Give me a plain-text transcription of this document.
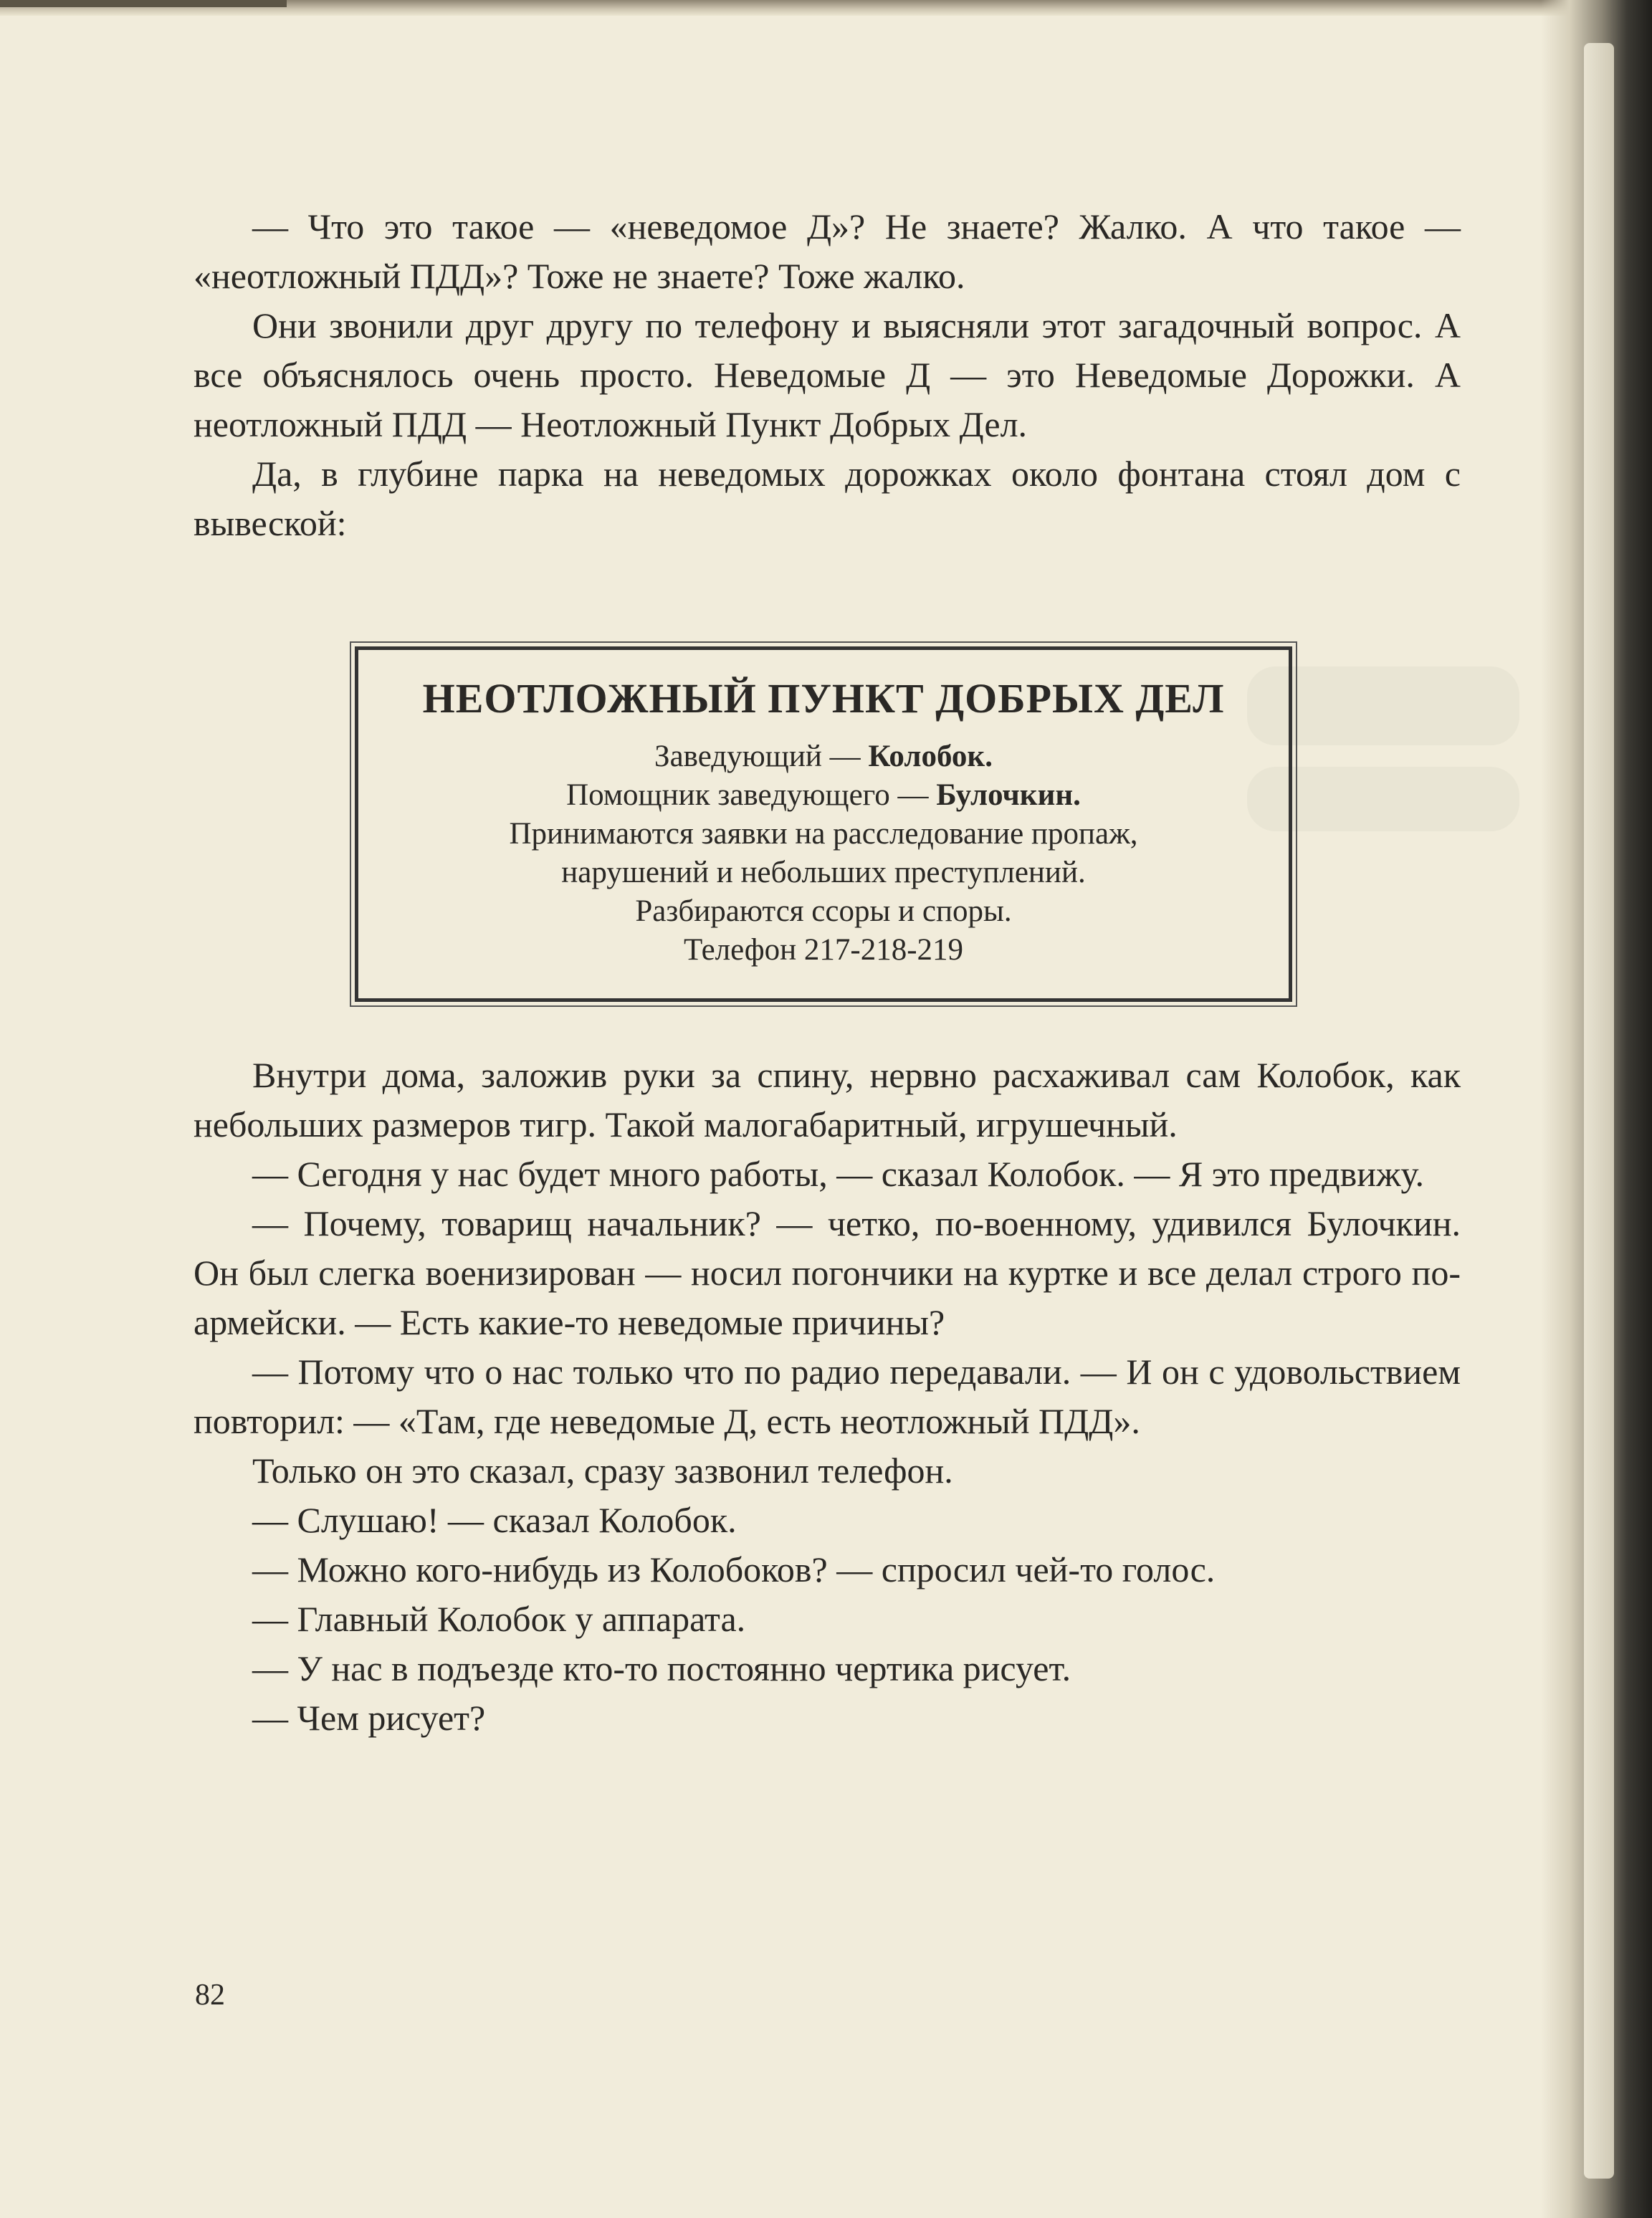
— Что это такое — «неведомое Д»? Не знаете? Жалко. А что такое — «неотложный ПДД»? Тоже не знаете? Тоже жалко.

Они звонили друг другу по телефону и выясняли этот загадочный вопрос. А все объяснялось очень просто. Неведомые Д — это Неведомые Дорожки. А неотложный ПДД — Неотложный Пункт Добрых Дел.

Да, в глубине парка на неведомых дорожках около фонтана стоял дом с вывеской:

НЕОТЛОЖНЫЙ ПУНКТ ДОБРЫХ ДЕЛ
Заведующий — Колобок.
Помощник заведующего — Булочкин.
Принимаются заявки на расследование пропаж,
нарушений и небольших преступлений.
Разбираются ссоры и споры.
Телефон 217-218-219

Внутри дома, заложив руки за спину, нервно расхаживал сам Колобок, как небольших размеров тигр. Такой малогабаритный, игрушечный.

— Сегодня у нас будет много работы, — сказал Колобок. — Я это предвижу.

— Почему, товарищ начальник? — четко, по-военному, удивился Булочкин. Он был слегка военизирован — носил погончики на куртке и все делал строго по-армейски. — Есть какие-то неведомые причины?

— Потому что о нас только что по радио передавали. — И он с удовольствием повторил: — «Там, где неведомые Д, есть неотложный ПДД».

Только он это сказал, сразу зазвонил телефон.

— Слушаю! — сказал Колобок.

— Можно кого-нибудь из Колобоков? — спросил чей-то голос.

— Главный Колобок у аппарата.

— У нас в подъезде кто-то постоянно чертика рисует.

— Чем рисует?

82
